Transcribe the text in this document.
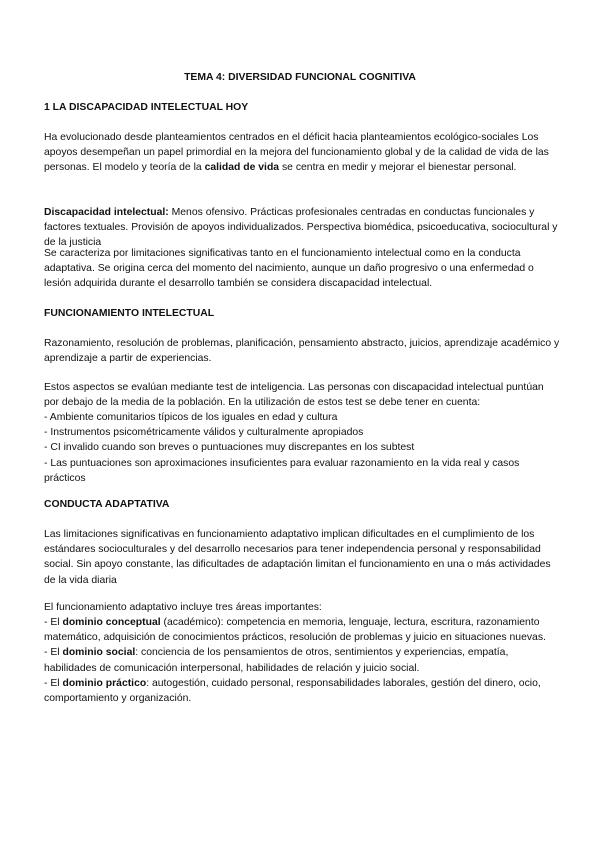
TEMA 4: DIVERSIDAD FUNCIONAL COGNITIVA
1 LA DISCAPACIDAD INTELECTUAL HOY

Ha evolucionado desde planteamientos centrados en el déficit hacia planteamientos ecológico-sociales Los apoyos desempeñan un papel primordial en la mejora del funcionamiento global y de la calidad de vida de las personas. El modelo y teoría de la calidad de vida se centra en medir y mejorar el bienestar personal.

Discapacidad intelectual: Menos ofensivo. Prácticas profesionales centradas en conductas funcionales y factores textuales. Provisión de apoyos individualizados. Perspectiva biomédica, psicoeducativa, sociocultural y de la justicia

Se caracteriza por limitaciones significativas tanto en el funcionamiento intelectual como en la conducta adaptativa. Se origina cerca del momento del nacimiento, aunque un daño progresivo o una enfermedad o lesión adquirida durante el desarrollo también se considera discapacidad intelectual.

FUNCIONAMIENTO INTELECTUAL

Razonamiento, resolución de problemas, planificación, pensamiento abstracto, juicios, aprendizaje académico y aprendizaje a partir de experiencias.

Estos aspectos se evalúan mediante test de inteligencia. Las personas con discapacidad intelectual puntúan por debajo de la media de la población. En la utilización de estos test se debe tener en cuenta:

- Ambiente comunitarios típicos de los iguales en edad y cultura
- Instrumentos psicométricamente válidos y culturalmente apropiados
- CI invalido cuando son breves o puntuaciones muy discrepantes en los subtest
- Las puntuaciones son aproximaciones insuficientes para evaluar razonamiento en la vida real y casos prácticos
CONDUCTA ADAPTATIVA

Las limitaciones significativas en funcionamiento adaptativo implican dificultades en el cumplimiento de los estándares socioculturales y del desarrollo necesarios para tener independencia personal y responsabilidad social. Sin apoyo constante, las dificultades de adaptación limitan el funcionamiento en una o más actividades de la vida diaria

El funcionamiento adaptativo incluye tres áreas importantes:

- El dominio conceptual (académico): competencia en memoria, lenguaje, lectura, escritura, razonamiento matemático, adquisición de conocimientos prácticos, resolución de problemas y juicio en situaciones nuevas.
- El dominio social: conciencia de los pensamientos de otros, sentimientos y experiencias, empatía, habilidades de comunicación interpersonal, habilidades de relación y juicio social.
- El dominio práctico: autogestión, cuidado personal, responsabilidades laborales, gestión del dinero, ocio, comportamiento y organización.
